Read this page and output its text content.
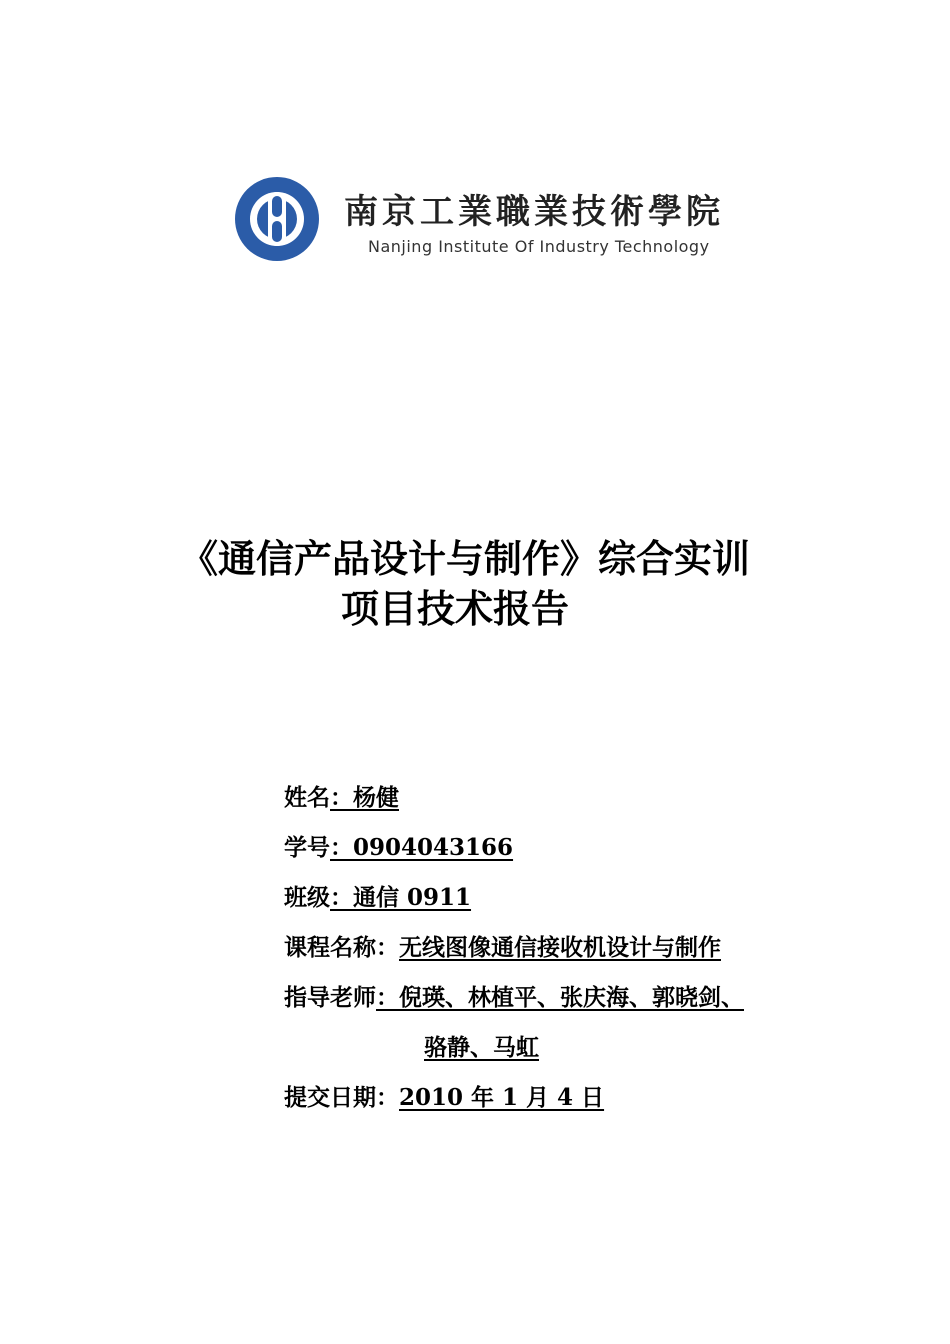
南京工業職業技術學院
Nanjing Institute Of Industry Technology
《通信产品设计与制作》综合实训
项目技术报告
姓名：杨健
学号：0904043166
班级：通信 0911
课程名称：无线图像通信接收机设计与制作
指导老师：倪瑛、林植平、张庆海、郭晓剑、
骆静、马虹
提交日期：2010 年 1 月 4 日
